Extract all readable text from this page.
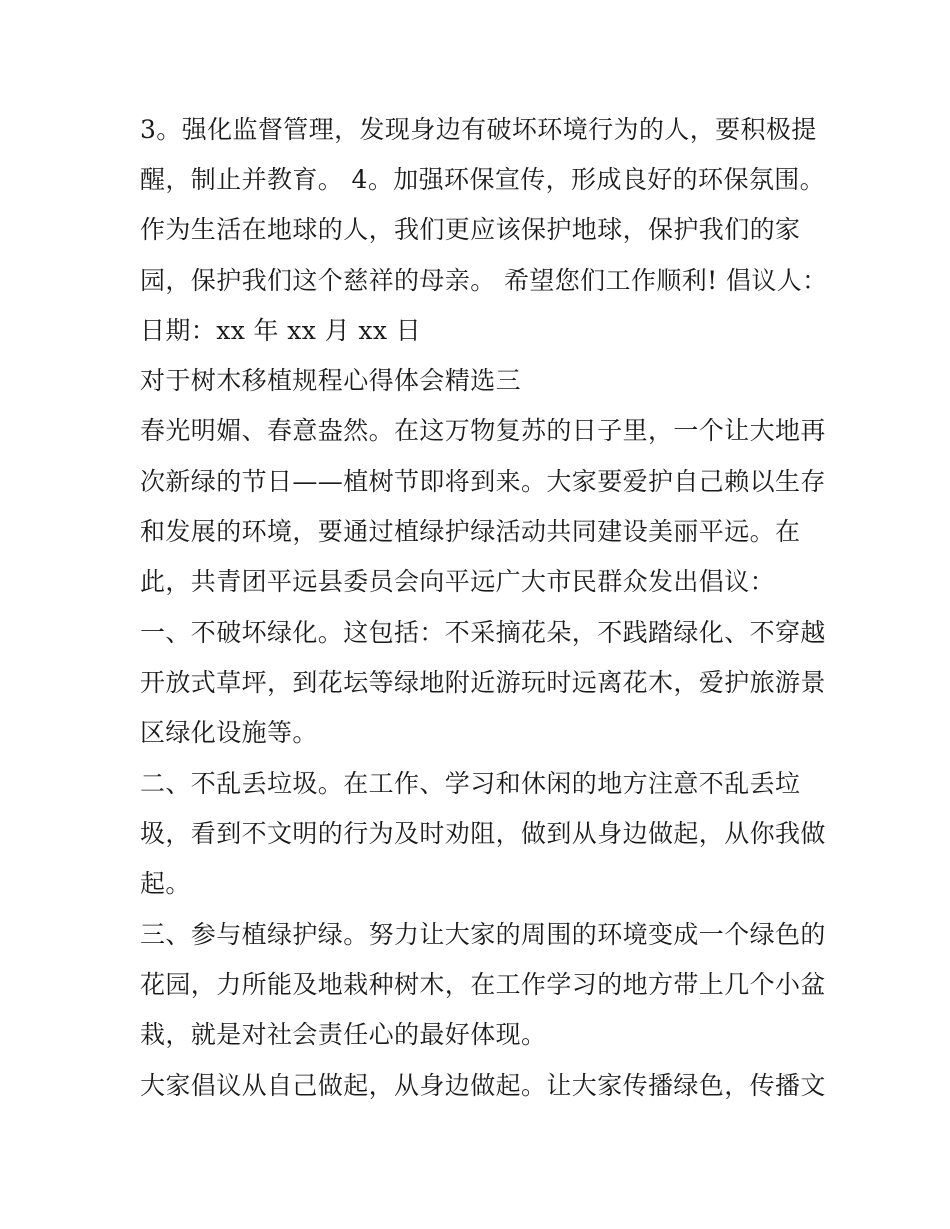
3。强化监督管理，发现身边有破坏环境行为的人，要积极提
醒，制止并教育。 4。加强环保宣传，形成良好的环保氛围。
作为生活在地球的人，我们更应该保护地球，保护我们的家
园，保护我们这个慈祥的母亲。 希望您们工作顺利! 倡议人：
日期：xx 年 xx 月 xx 日
对于树木移植规程心得体会精选三
春光明媚、春意盎然。在这万物复苏的日子里，一个让大地再
次新绿的节日——植树节即将到来。大家要爱护自己赖以生存
和发展的环境，要通过植绿护绿活动共同建设美丽平远。在
此，共青团平远县委员会向平远广大市民群众发出倡议：
一、不破坏绿化。这包括：不采摘花朵，不践踏绿化、不穿越
开放式草坪，到花坛等绿地附近游玩时远离花木，爱护旅游景
区绿化设施等。
二、不乱丢垃圾。在工作、学习和休闲的地方注意不乱丢垃
圾，看到不文明的行为及时劝阻，做到从身边做起，从你我做
起。
三、参与植绿护绿。努力让大家的周围的环境变成一个绿色的
花园，力所能及地栽种树木，在工作学习的地方带上几个小盆
栽，就是对社会责任心的最好体现。
大家倡议从自己做起，从身边做起。让大家传播绿色，传播文
